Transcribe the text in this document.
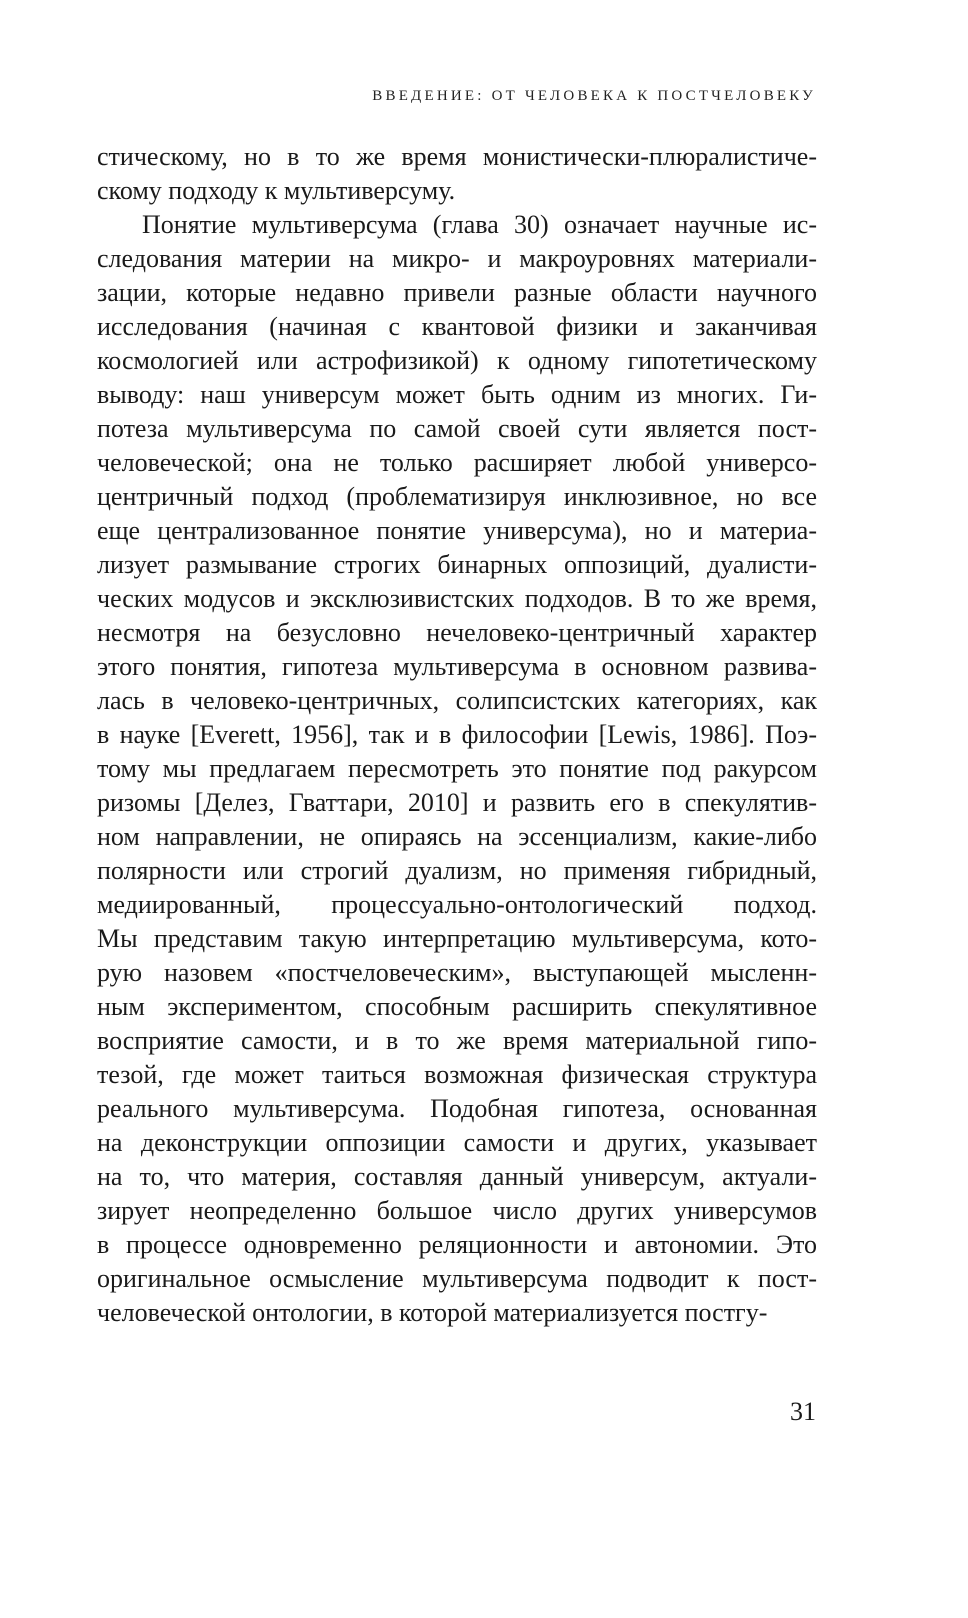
ВВЕДЕНИЕ: ОТ ЧЕЛОВЕКА К ПОСТЧЕЛОВЕКУ
стическому, но в то же время монистически-плюралистиче-
скому подходу к мультиверсуму.
Понятие мультиверсума (глава 30) означает научные ис-
следования материи на микро- и макроуровнях материали-
зации, которые недавно привели разные области научного
исследования (начиная с квантовой физики и заканчивая
космологией или астрофизикой) к одному гипотетическому
выводу: наш универсум может быть одним из многих. Ги-
потеза мультиверсума по самой своей сути является пост-
человеческой; она не только расширяет любой универсо-
центричный подход (проблематизируя инклюзивное, но все
еще централизованное понятие универсума), но и материа-
лизует размывание строгих бинарных оппозиций, дуалисти-
ческих модусов и эксклюзивистских подходов. В то же время,
несмотря на безусловно нечеловеко-центричный характер
этого понятия, гипотеза мультиверсума в основном развива-
лась в человеко-центричных, солипсистских категориях, как
в науке [Everett, 1956], так и в философии [Lewis, 1986]. Поэ-
тому мы предлагаем пересмотреть это понятие под ракурсом
ризомы [Делез, Гваттари, 2010] и развить его в спекулятив-
ном направлении, не опираясь на эссенциализм, какие-либо
полярности или строгий дуализм, но применяя гибридный,
медиированный, процессуально-онтологический подход.
Мы представим такую интерпретацию мультиверсума, кото-
рую назовем «постчеловеческим», выступающей мысленн-
ным экспериментом, способным расширить спекулятивное
восприятие самости, и в то же время материальной гипо-
тезой, где может таиться возможная физическая структура
реального мультиверсума. Подобная гипотеза, основанная
на деконструкции оппозиции самости и других, указывает
на то, что материя, составляя данный универсум, актуали-
зирует неопределенно большое число других универсумов
в процессе одновременно реляционности и автономии. Это
оригинальное осмысление мультиверсума подводит к пост-
человеческой онтологии, в которой материализуется постгу-
31
